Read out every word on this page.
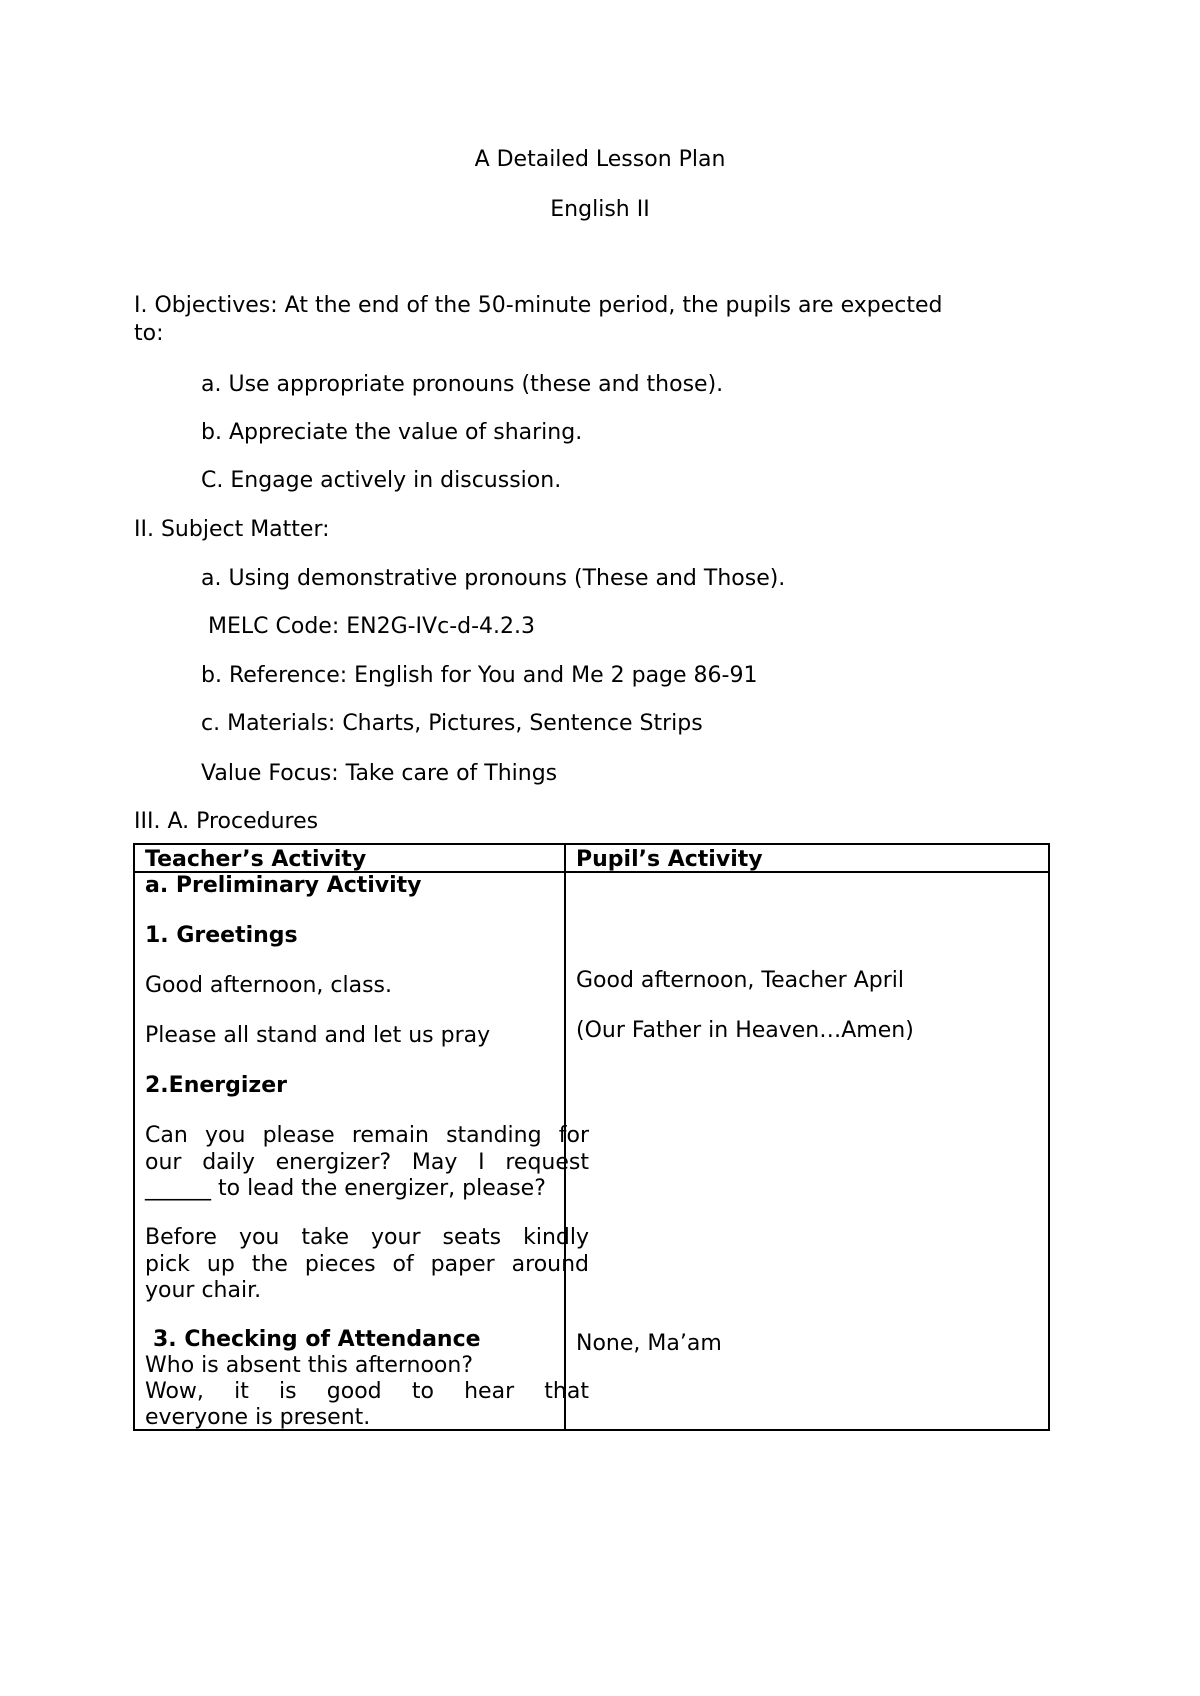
A Detailed Lesson Plan
English II
I. Objectives: At the end of the 50-minute period, the pupils are expected
to:
a. Use appropriate pronouns (these and those).
b. Appreciate the value of sharing.
C. Engage actively in discussion.
II. Subject Matter:
a. Using demonstrative pronouns (These and Those).
MELC Code: EN2G-IVc-d-4.2.3
b. Reference: English for You and Me 2 page 86-91
c. Materials: Charts, Pictures, Sentence Strips
Value Focus: Take care of Things
III. A. Procedures
Teacher’s Activity	Pupil’s Activity
a. Preliminary Activity
1. Greetings
Good afternoon, class.
Please all stand and let us pray
2.Energizer
Can you please remain standing for
our daily energizer? May I request
______ to lead the energizer, please?
Before you take your seats kindly
pick up the pieces of paper around
your chair.
3. Checking of Attendance
Who is absent this afternoon?
Wow, it is good to hear that
everyone is present.
Good afternoon, Teacher April
(Our Father in Heaven…Amen)
None, Ma’am
